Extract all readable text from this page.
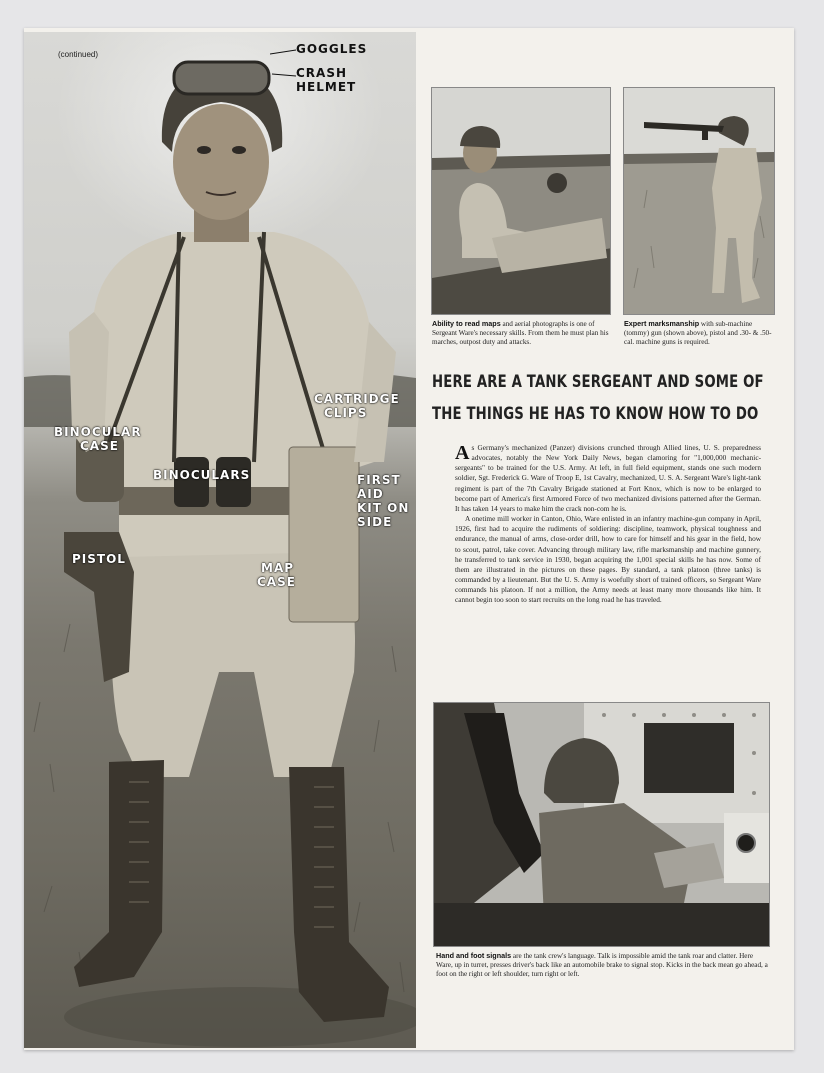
(continued)	GOGGLES
CRASH
HELMET
CARTRIDGE
CLIPS
BINOCULAR
CASE
BINOCULARS	FIRST
AID
KIT ON
SIDE
PISTOL
MAP
CASE
Ability to read maps and aerial photographs is one of Sergeant Ware's necessary skills. From them he must plan his marches, outpost duty and attacks.
Expert marksmanship with sub-machine (tommy) gun (shown above), pistol and .30- & .50-cal. machine guns is required.
HERE ARE A TANK SERGEANT AND SOME OF
THE THINGS HE HAS TO KNOW HOW TO DO

As Germany's mechanized (Panzer) divisions crunched through Allied lines, U. S. preparedness advocates, notably the New York Daily News, began clamoring for "1,000,000 mechanic-sergeants" to be trained for the U.S. Army. At left, in full field equipment, stands one such modern soldier, Sgt. Frederick G. Ware of Troop E, 1st Cavalry, mechanized, U. S. A. Sergeant Ware's light-tank regiment is part of the 7th Cavalry Brigade stationed at Fort Knox, which is now to be enlarged to become part of America's first Armored Force of two mechanized divisions patterned after the German. It has taken 14 years to make him the crack non-com he is.

A onetime mill worker in Canton, Ohio, Ware enlisted in an infantry machine-gun company in April, 1926, first had to acquire the rudiments of soldiering: discipline, teamwork, physical toughness and endurance, the manual of arms, close-order drill, how to care for himself and his gear in the field, how to scout, patrol, take cover. Advancing through military law, rifle marksmanship and machine gunnery, he transferred to tank service in 1930, began acquiring the 1,001 special skills he has now. Some of them are illustrated in the pictures on these pages. By standard, a tank platoon (three tanks) is commanded by a lieutenant. But the U. S. Army is woefully short of trained officers, so Sergeant Ware commands his platoon. If not a million, the Army needs at least many more thousands like him. It cannot begin too soon to start recruits on the long road he has traveled.

Hand and foot signals are the tank crew's language. Talk is impossible amid the tank roar and clatter. Here Ware, up in turret, presses driver's back like an automobile brake to signal stop. Kicks in the back mean go ahead, a foot on the right or left shoulder, turn right or left.
